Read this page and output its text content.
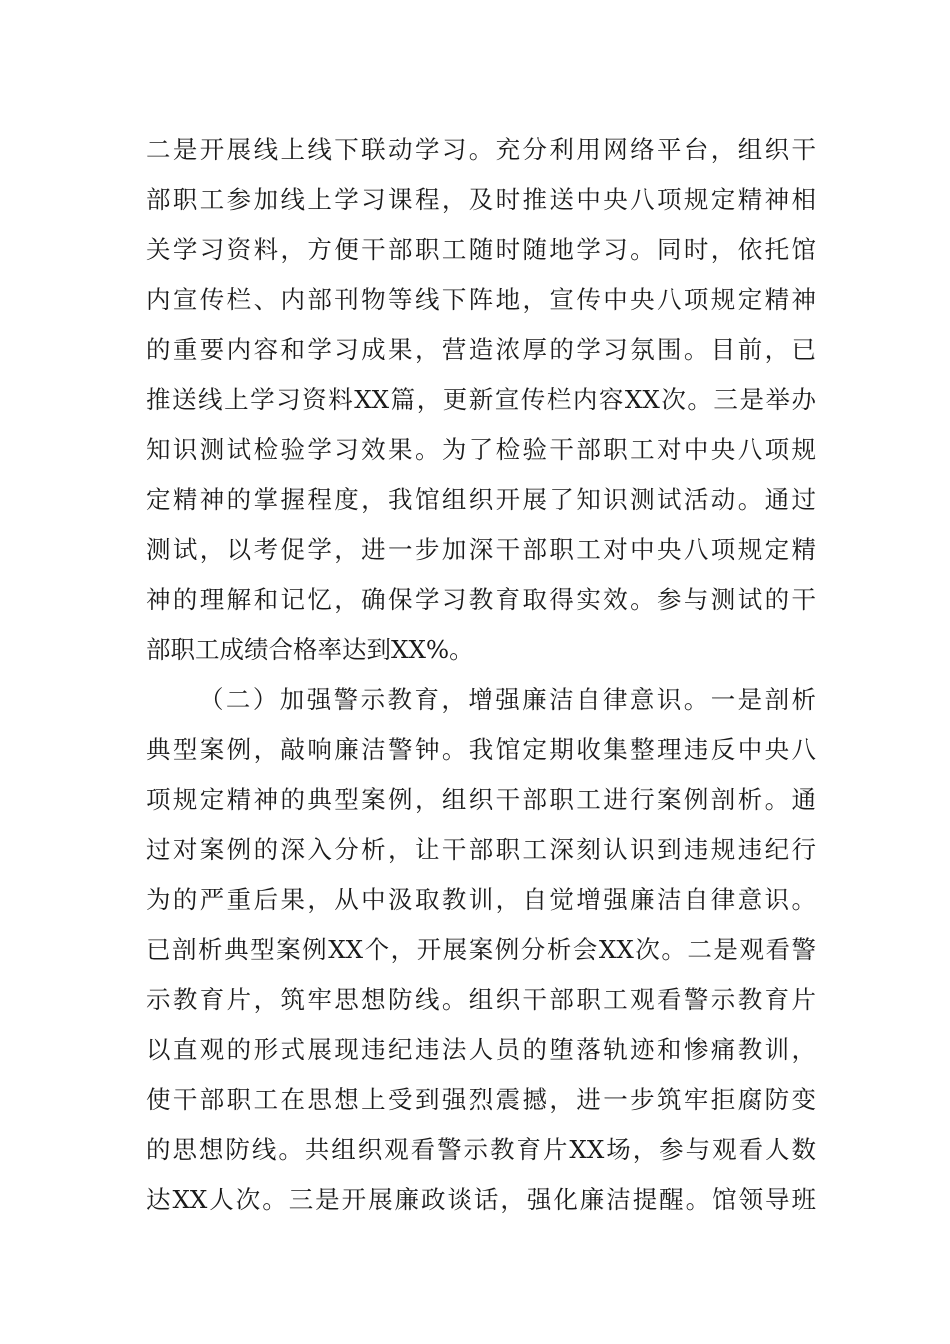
二是开展线上线下联动学习。充分利用网络平台，组织干
部职工参加线上学习课程，及时推送中央八项规定精神相
关学习资料，方便干部职工随时随地学习。同时，依托馆
内宣传栏、内部刊物等线下阵地，宣传中央八项规定精神
的重要内容和学习成果，营造浓厚的学习氛围。目前，已
推送线上学习资料XX篇，更新宣传栏内容XX次。三是举办
知识测试检验学习效果。为了检验干部职工对中央八项规
定精神的掌握程度，我馆组织开展了知识测试活动。通过
测试，以考促学，进一步加深干部职工对中央八项规定精
神的理解和记忆，确保学习教育取得实效。参与测试的干
部职工成绩合格率达到XX%。
（二）加强警示教育，增强廉洁自律意识。一是剖析
典型案例，敲响廉洁警钟。我馆定期收集整理违反中央八
项规定精神的典型案例，组织干部职工进行案例剖析。通
过对案例的深入分析，让干部职工深刻认识到违规违纪行
为的严重后果，从中汲取教训，自觉增强廉洁自律意识。
已剖析典型案例XX个，开展案例分析会XX次。二是观看警
示教育片，筑牢思想防线。组织干部职工观看警示教育片
以直观的形式展现违纪违法人员的堕落轨迹和惨痛教训，
使干部职工在思想上受到强烈震撼，进一步筑牢拒腐防变
的思想防线。共组织观看警示教育片XX场，参与观看人数
达XX人次。三是开展廉政谈话，强化廉洁提醒。馆领导班
